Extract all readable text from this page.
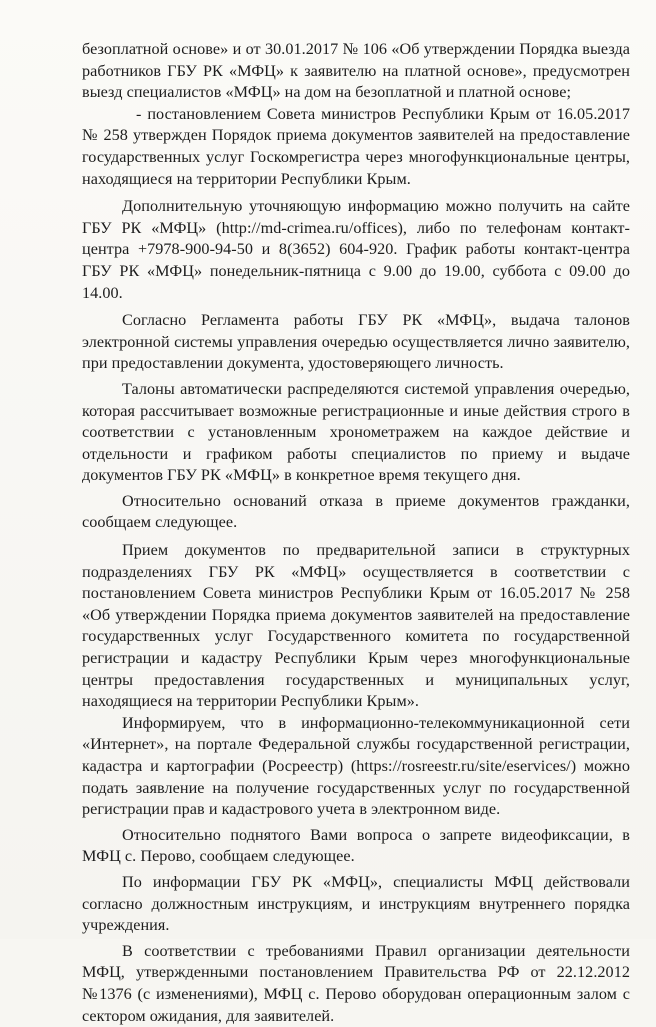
безоплатной основе» и от 30.01.2017 № 106 «Об утверждении Порядка выезда работников ГБУ РК «МФЦ» к заявителю на платной основе», предусмотрен выезд специалистов «МФЦ» на дом на безоплатной и платной основе;

- постановлением Совета министров Республики Крым от 16.05.2017 № 258 утвержден Порядок приема документов заявителей на предоставление государственных услуг Госкомрегистра через многофункциональные центры, находящиеся на территории Республики Крым.

Дополнительную уточняющую информацию можно получить на сайте ГБУ РК «МФЦ» (http://md-crimea.ru/offices), либо по телефонам контакт-центра +7978-900-94-50 и 8(3652) 604-920. График работы контакт-центра ГБУ РК «МФЦ» понедельник-пятница с 9.00 до 19.00, суббота с 09.00 до 14.00.

Согласно Регламента работы ГБУ РК «МФЦ», выдача талонов электронной системы управления очередью осуществляется лично заявителю, при предоставлении документа, удостоверяющего личность.

Талоны автоматически распределяются системой управления очередью, которая рассчитывает возможные регистрационные и иные действия строго в соответствии с установленным хронометражем на каждое действие и отдельности и графиком работы специалистов по приему и выдаче документов ГБУ РК «МФЦ» в конкретное время текущего дня.

Относительно оснований отказа в приеме документов гражданки, сообщаем следующее.

Прием документов по предварительной записи в структурных подразделениях ГБУ РК «МФЦ» осуществляется в соответствии с постановлением Совета министров Республики Крым от 16.05.2017 № 258 «Об утверждении Порядка приема документов заявителей на предоставление государственных услуг Государственного комитета по государственной регистрации и кадастру Республики Крым через многофункциональные центры предоставления государственных и муниципальных услуг, находящиеся на территории Республики Крым».

Информируем, что в информационно-телекоммуникационной сети «Интернет», на портале Федеральной службы государственной регистрации, кадастра и картографии (Росреестр) (https://rosreestr.ru/site/eservices/) можно подать заявление на получение государственных услуг по государственной регистрации прав и кадастрового учета в электронном виде.

Относительно поднятого Вами вопроса о запрете видеофиксации, в МФЦ с. Перово, сообщаем следующее.

По информации ГБУ РК «МФЦ», специалисты МФЦ действовали согласно должностным инструкциям, и инструкциям внутреннего порядка учреждения.

В соответствии с требованиями Правил организации деятельности МФЦ, утвержденными постановлением Правительства РФ от 22.12.2012 №1376 (с изменениями), МФЦ с. Перово оборудован операционным залом с сектором ожидания, для заявителей.
